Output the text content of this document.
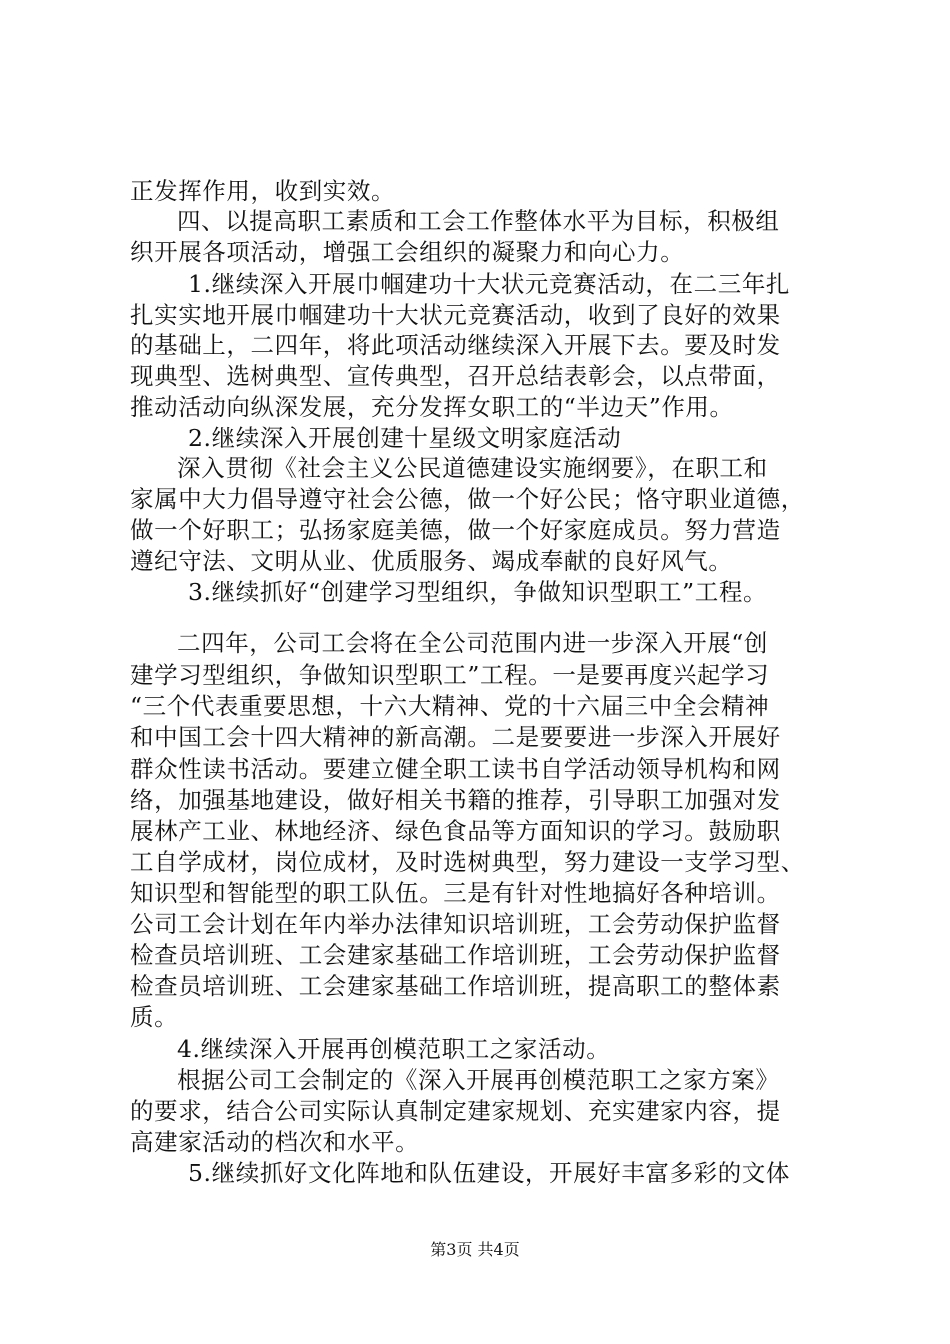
正发挥作用，收到实效。
四、以提高职工素质和工会工作整体水平为目标，积极组
织开展各项活动，增强工会组织的凝聚力和向心力。
1.继续深入开展巾帼建功十大状元竞赛活动，在二三年扎
扎实实地开展巾帼建功十大状元竞赛活动，收到了良好的效果
的基础上，二四年，将此项活动继续深入开展下去。要及时发
现典型、选树典型、宣传典型，召开总结表彰会，以点带面，
推动活动向纵深发展，充分发挥女职工的“半边天”作用。
2.继续深入开展创建十星级文明家庭活动
深入贯彻《社会主义公民道德建设实施纲要》，在职工和
家属中大力倡导遵守社会公德，做一个好公民；恪守职业道德，
做一个好职工；弘扬家庭美德，做一个好家庭成员。努力营造
遵纪守法、文明从业、优质服务、竭成奉献的良好风气。
3.继续抓好“创建学习型组织，争做知识型职工”工程。
二四年，公司工会将在全公司范围内进一步深入开展“创
建学习型组织，争做知识型职工”工程。一是要再度兴起学习
“三个代表重要思想，十六大精神、党的十六届三中全会精神
和中国工会十四大精神的新高潮。二是要要进一步深入开展好
群众性读书活动。要建立健全职工读书自学活动领导机构和网
络，加强基地建设，做好相关书籍的推荐，引导职工加强对发
展林产工业、林地经济、绿色食品等方面知识的学习。鼓励职
工自学成材，岗位成材，及时选树典型，努力建设一支学习型、
知识型和智能型的职工队伍。三是有针对性地搞好各种培训。
公司工会计划在年内举办法律知识培训班，工会劳动保护监督
检查员培训班、工会建家基础工作培训班，工会劳动保护监督
检查员培训班、工会建家基础工作培训班，提高职工的整体素
质。
4.继续深入开展再创模范职工之家活动。
根据公司工会制定的《深入开展再创模范职工之家方案》
的要求，结合公司实际认真制定建家规划、充实建家内容，提
高建家活动的档次和水平。
5.继续抓好文化阵地和队伍建设，开展好丰富多彩的文体
第3页 共4页
